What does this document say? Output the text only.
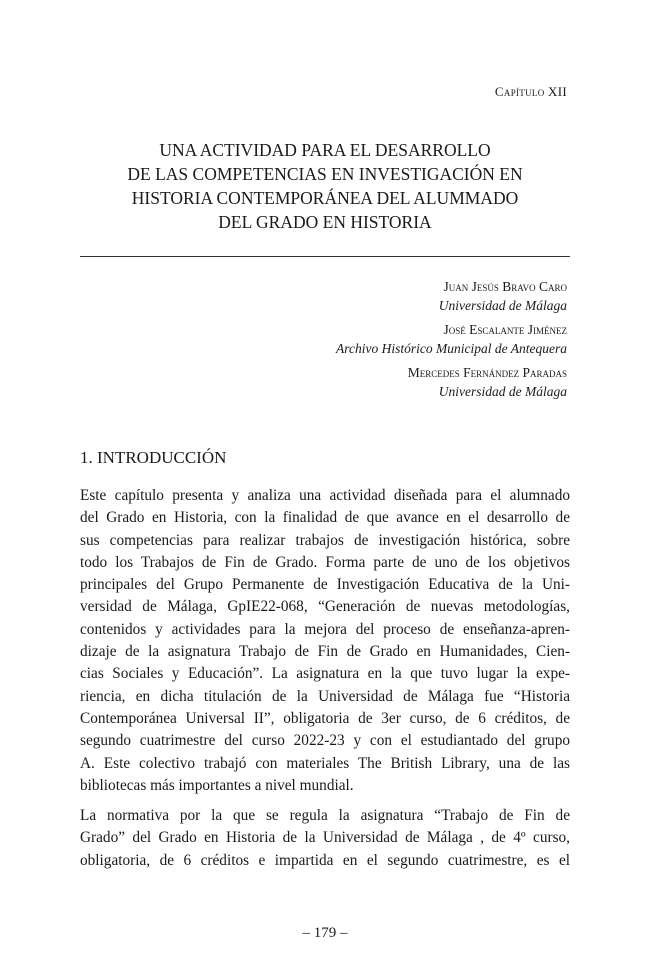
Capítulo XII
UNA ACTIVIDAD PARA EL DESARROLLO
DE LAS COMPETENCIAS EN INVESTIGACIÓN EN
HISTORIA CONTEMPORÁNEA DEL ALUMMADO
DEL GRADO EN HISTORIA
Juan Jesús Bravo Caro
Universidad de Málaga
José Escalante Jiménez
Archivo Histórico Municipal de Antequera
Mercedes Fernández Paradas
Universidad de Málaga
1. INTRODUCCIÓN
Este capítulo presenta y analiza una actividad diseñada para el alumnado
del Grado en Historia, con la finalidad de que avance en el desarrollo de
sus competencias para realizar trabajos de investigación histórica, sobre
todo los Trabajos de Fin de Grado. Forma parte de uno de los objetivos
principales del Grupo Permanente de Investigación Educativa de la Uni-
versidad de Málaga, GpIE22-068, “Generación de nuevas metodologías,
contenidos y actividades para la mejora del proceso de enseñanza-apren-
dizaje de la asignatura Trabajo de Fin de Grado en Humanidades, Cien-
cias Sociales y Educación”. La asignatura en la que tuvo lugar la expe-
riencia, en dicha titulación de la Universidad de Málaga fue “Historia
Contemporánea Universal II”, obligatoria de 3er curso, de 6 créditos, de
segundo cuatrimestre del curso 2022-23 y con el estudiantado del grupo
A. Este colectivo trabajó con materiales The British Library, una de las
bibliotecas más importantes a nivel mundial.
La normativa por la que se regula la asignatura “Trabajo de Fin de
Grado” del Grado en Historia de la Universidad de Málaga , de 4º curso,
obligatoria, de 6 créditos e impartida en el segundo cuatrimestre, es el
– 179 –
